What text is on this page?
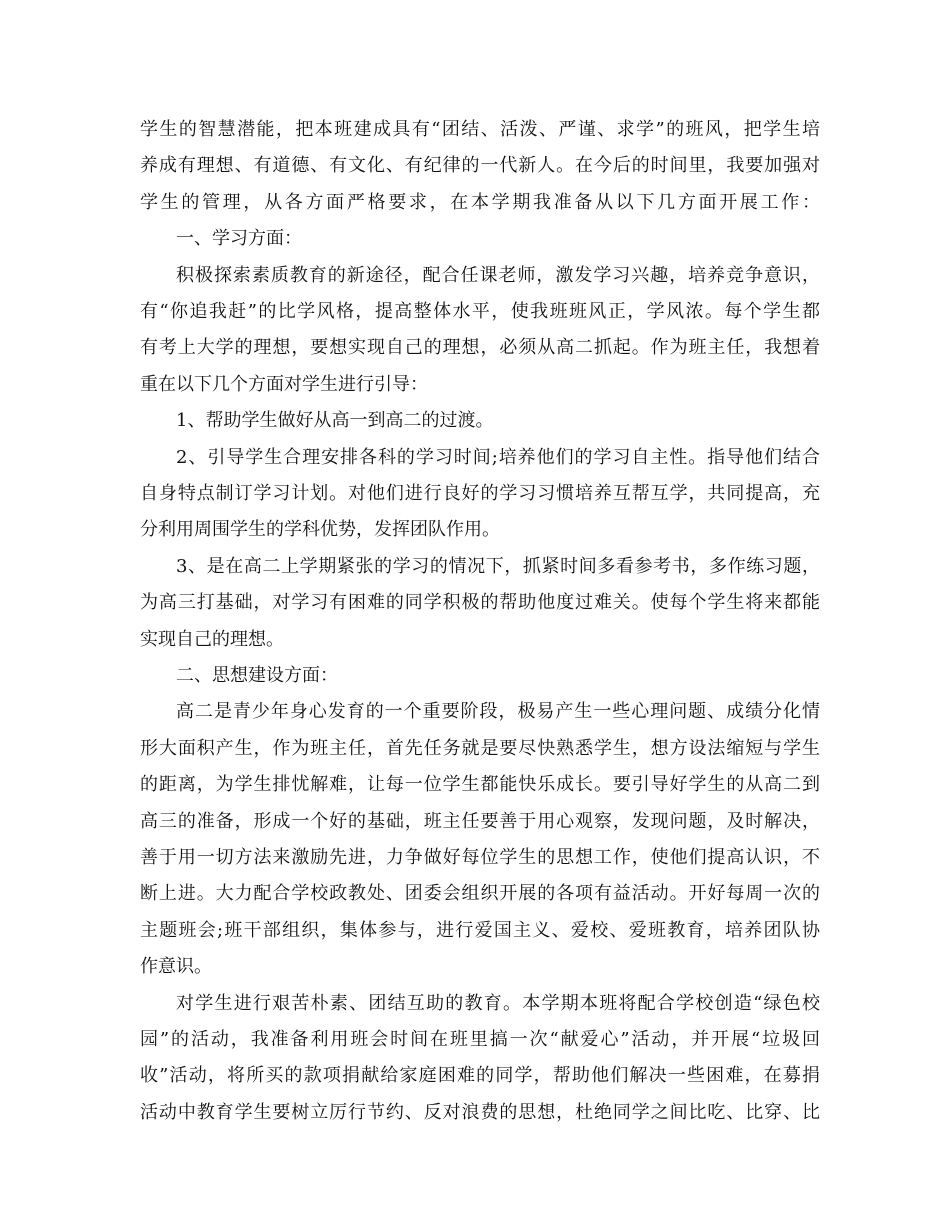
学生的智慧潜能，把本班建成具有“团结、活泼、严谨、求学”的班风，把学生培
养成有理想、有道德、有文化、有纪律的一代新人。在今后的时间里，我要加强对
学生的管理，从各方面严格要求，在本学期我准备从以下几方面开展工作：
一、学习方面：
积极探索素质教育的新途径，配合任课老师，激发学习兴趣，培养竞争意识，
有“你追我赶”的比学风格，提高整体水平，使我班班风正，学风浓。每个学生都
有考上大学的理想，要想实现自己的理想，必须从高二抓起。作为班主任，我想着
重在以下几个方面对学生进行引导：
1、帮助学生做好从高一到高二的过渡。
2、引导学生合理安排各科的学习时间;培养他们的学习自主性。指导他们结合
自身特点制订学习计划。对他们进行良好的学习习惯培养互帮互学，共同提高，充
分利用周围学生的学科优势，发挥团队作用。
3、是在高二上学期紧张的学习的情况下，抓紧时间多看参考书，多作练习题，
为高三打基础，对学习有困难的同学积极的帮助他度过难关。使每个学生将来都能
实现自己的理想。
二、思想建设方面：
高二是青少年身心发育的一个重要阶段，极易产生一些心理问题、成绩分化情
形大面积产生，作为班主任，首先任务就是要尽快熟悉学生，想方设法缩短与学生
的距离，为学生排忧解难，让每一位学生都能快乐成长。要引导好学生的从高二到
高三的准备，形成一个好的基础，班主任要善于用心观察，发现问题，及时解决，
善于用一切方法来激励先进，力争做好每位学生的思想工作，使他们提高认识，不
断上进。大力配合学校政教处、团委会组织开展的各项有益活动。开好每周一次的
主题班会;班干部组织，集体参与，进行爱国主义、爱校、爱班教育，培养团队协
作意识。
对学生进行艰苦朴素、团结互助的教育。本学期本班将配合学校创造“绿色校
园”的活动，我准备利用班会时间在班里搞一次“献爱心”活动，并开展“垃圾回
收”活动，将所买的款项捐献给家庭困难的同学，帮助他们解决一些困难，在募捐
活动中教育学生要树立厉行节约、反对浪费的思想，杜绝同学之间比吃、比穿、比
